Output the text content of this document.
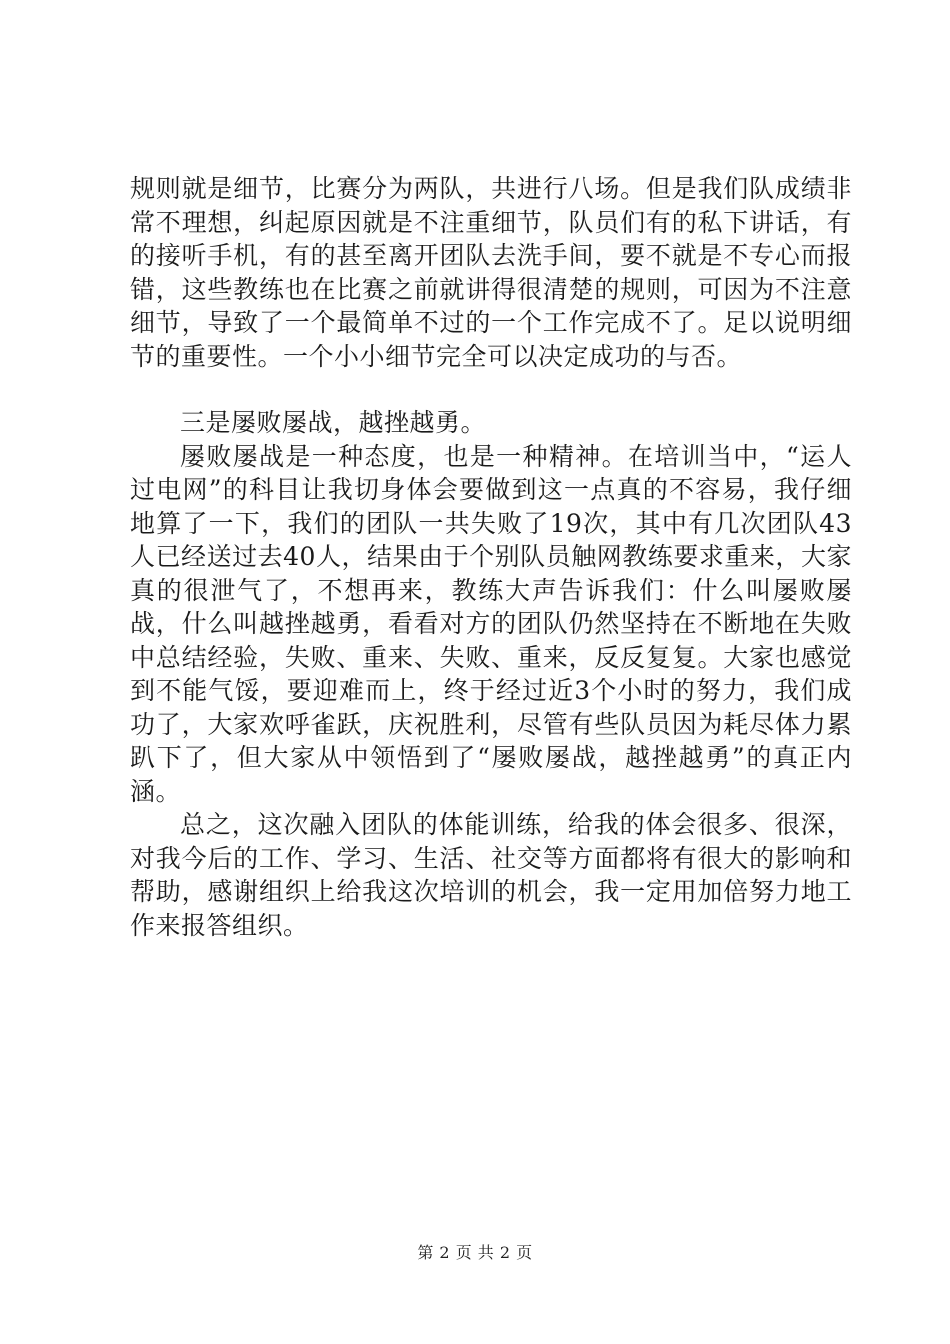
规则就是细节，比赛分为两队，共进行八场。但是我们队成绩非常不理想，纠起原因就是不注重细节，队员们有的私下讲话，有的接听手机，有的甚至离开团队去洗手间，要不就是不专心而报错，这些教练也在比赛之前就讲得很清楚的规则，可因为不注意细节，导致了一个最简单不过的一个工作完成不了。足以说明细节的重要性。一个小小细节完全可以决定成功的与否。

三是屡败屡战，越挫越勇。

屡败屡战是一种态度，也是一种精神。在培训当中，“运人过电网”的科目让我切身体会要做到这一点真的不容易，我仔细地算了一下，我们的团队一共失败了19次，其中有几次团队43人已经送过去40人，结果由于个别队员触网教练要求重来，大家真的很泄气了，不想再来，教练大声告诉我们：什么叫屡败屡战，什么叫越挫越勇，看看对方的团队仍然坚持在不断地在失败中总结经验，失败、重来、失败、重来，反反复复。大家也感觉到不能气馁，要迎难而上，终于经过近3个小时的努力，我们成功了，大家欢呼雀跃，庆祝胜利，尽管有些队员因为耗尽体力累趴下了，但大家从中领悟到了“屡败屡战，越挫越勇”的真正内涵。

总之，这次融入团队的体能训练，给我的体会很多、很深，对我今后的工作、学习、生活、社交等方面都将有很大的影响和帮助，感谢组织上给我这次培训的机会，我一定用加倍努力地工作来报答组织。

第 2 页 共 2 页
